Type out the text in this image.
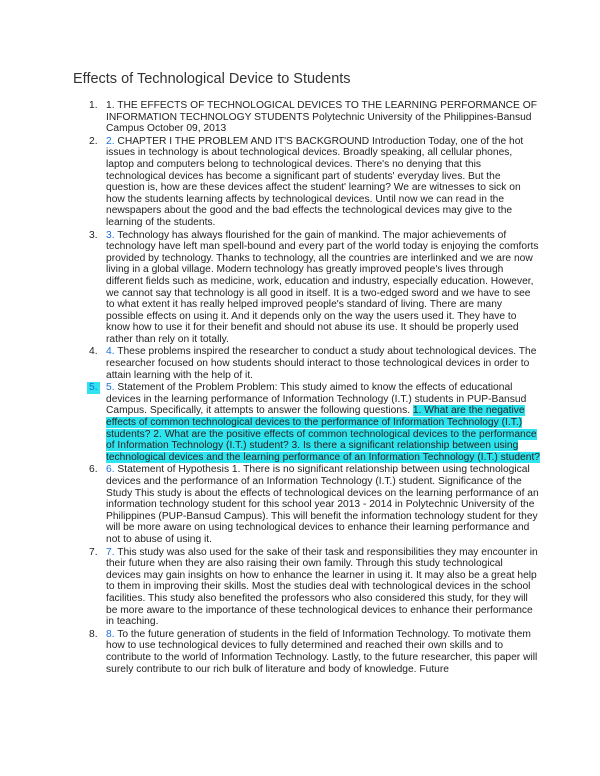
Effects of Technological Device to Students
1. 1. THE EFFECTS OF TECHNOLOGICAL DEVICES TO THE LEARNING PERFORMANCE OF INFORMATION TECHNOLOGY STUDENTS Polytechnic University of the Philippines-Bansud Campus October 09, 2013
2. 2. CHAPTER I THE PROBLEM AND IT'S BACKGROUND Introduction Today, one of the hot issues in technology is about technological devices. Broadly speaking, all cellular phones, laptop and computers belong to technological devices. There's no denying that this technological devices has become a significant part of students' everyday lives. But the question is, how are these devices affect the student' learning? We are witnesses to sick on how the students learning affects by technological devices. Until now we can read in the newspapers about the good and the bad effects the technological devices may give to the learning of the students.
3. 3. Technology has always flourished for the gain of mankind. The major achievements of technology have left man spell-bound and every part of the world today is enjoying the comforts provided by technology. Thanks to technology, all the countries are interlinked and we are now living in a global village. Modern technology has greatly improved people's lives through different fields such as medicine, work, education and industry, especially education. However, we cannot say that technology is all good in itself. It is a two-edged sword and we have to see to what extent it has really helped improved people's standard of living. There are many possible effects on using it. And it depends only on the way the users used it. They have to know how to use it for their benefit and should not abuse its use. It should be properly used rather than rely on it totally.
4. 4. These problems inspired the researcher to conduct a study about technological devices. The researcher focused on how students should interact to those technological devices in order to attain learning with the help of it.
5. 5. Statement of the Problem Problem: This study aimed to know the effects of educational devices in the learning performance of Information Technology (I.T.) students in PUP-Bansud Campus. Specifically, it attempts to answer the following questions. 1. What are the negative effects of common technological devices to the performance of Information Technology (I.T.) students? 2. What are the positive effects of common technological devices to the performance of Information Technology (I.T.) student? 3. Is there a significant relationship between using technological devices and the learning performance of an Information Technology (I.T.) student?
6. 6. Statement of Hypothesis 1. There is no significant relationship between using technological devices and the performance of an Information Technology (I.T.) student. Significance of the Study This study is about the effects of technological devices on the learning performance of an information technology student for this school year 2013 - 2014 in Polytechnic University of the Philippines (PUP-Bansud Campus). This will benefit the information technology student for they will be more aware on using technological devices to enhance their learning performance and not to abuse of using it.
7. 7. This study was also used for the sake of their task and responsibilities they may encounter in their future when they are also raising their own family. Through this study technological devices may gain insights on how to enhance the learner in using it. It may also be a great help to them in improving their skills. Most the studies deal with technological devices in the school facilities. This study also benefited the professors who also considered this study, for they will be more aware to the importance of these technological devices to enhance their performance in teaching.
8. 8. To the future generation of students in the field of Information Technology. To motivate them how to use technological devices to fully determined and reached their own skills and to contribute to the world of Information Technology. Lastly, to the future researcher, this paper will surely contribute to our rich bulk of literature and body of knowledge. Future
